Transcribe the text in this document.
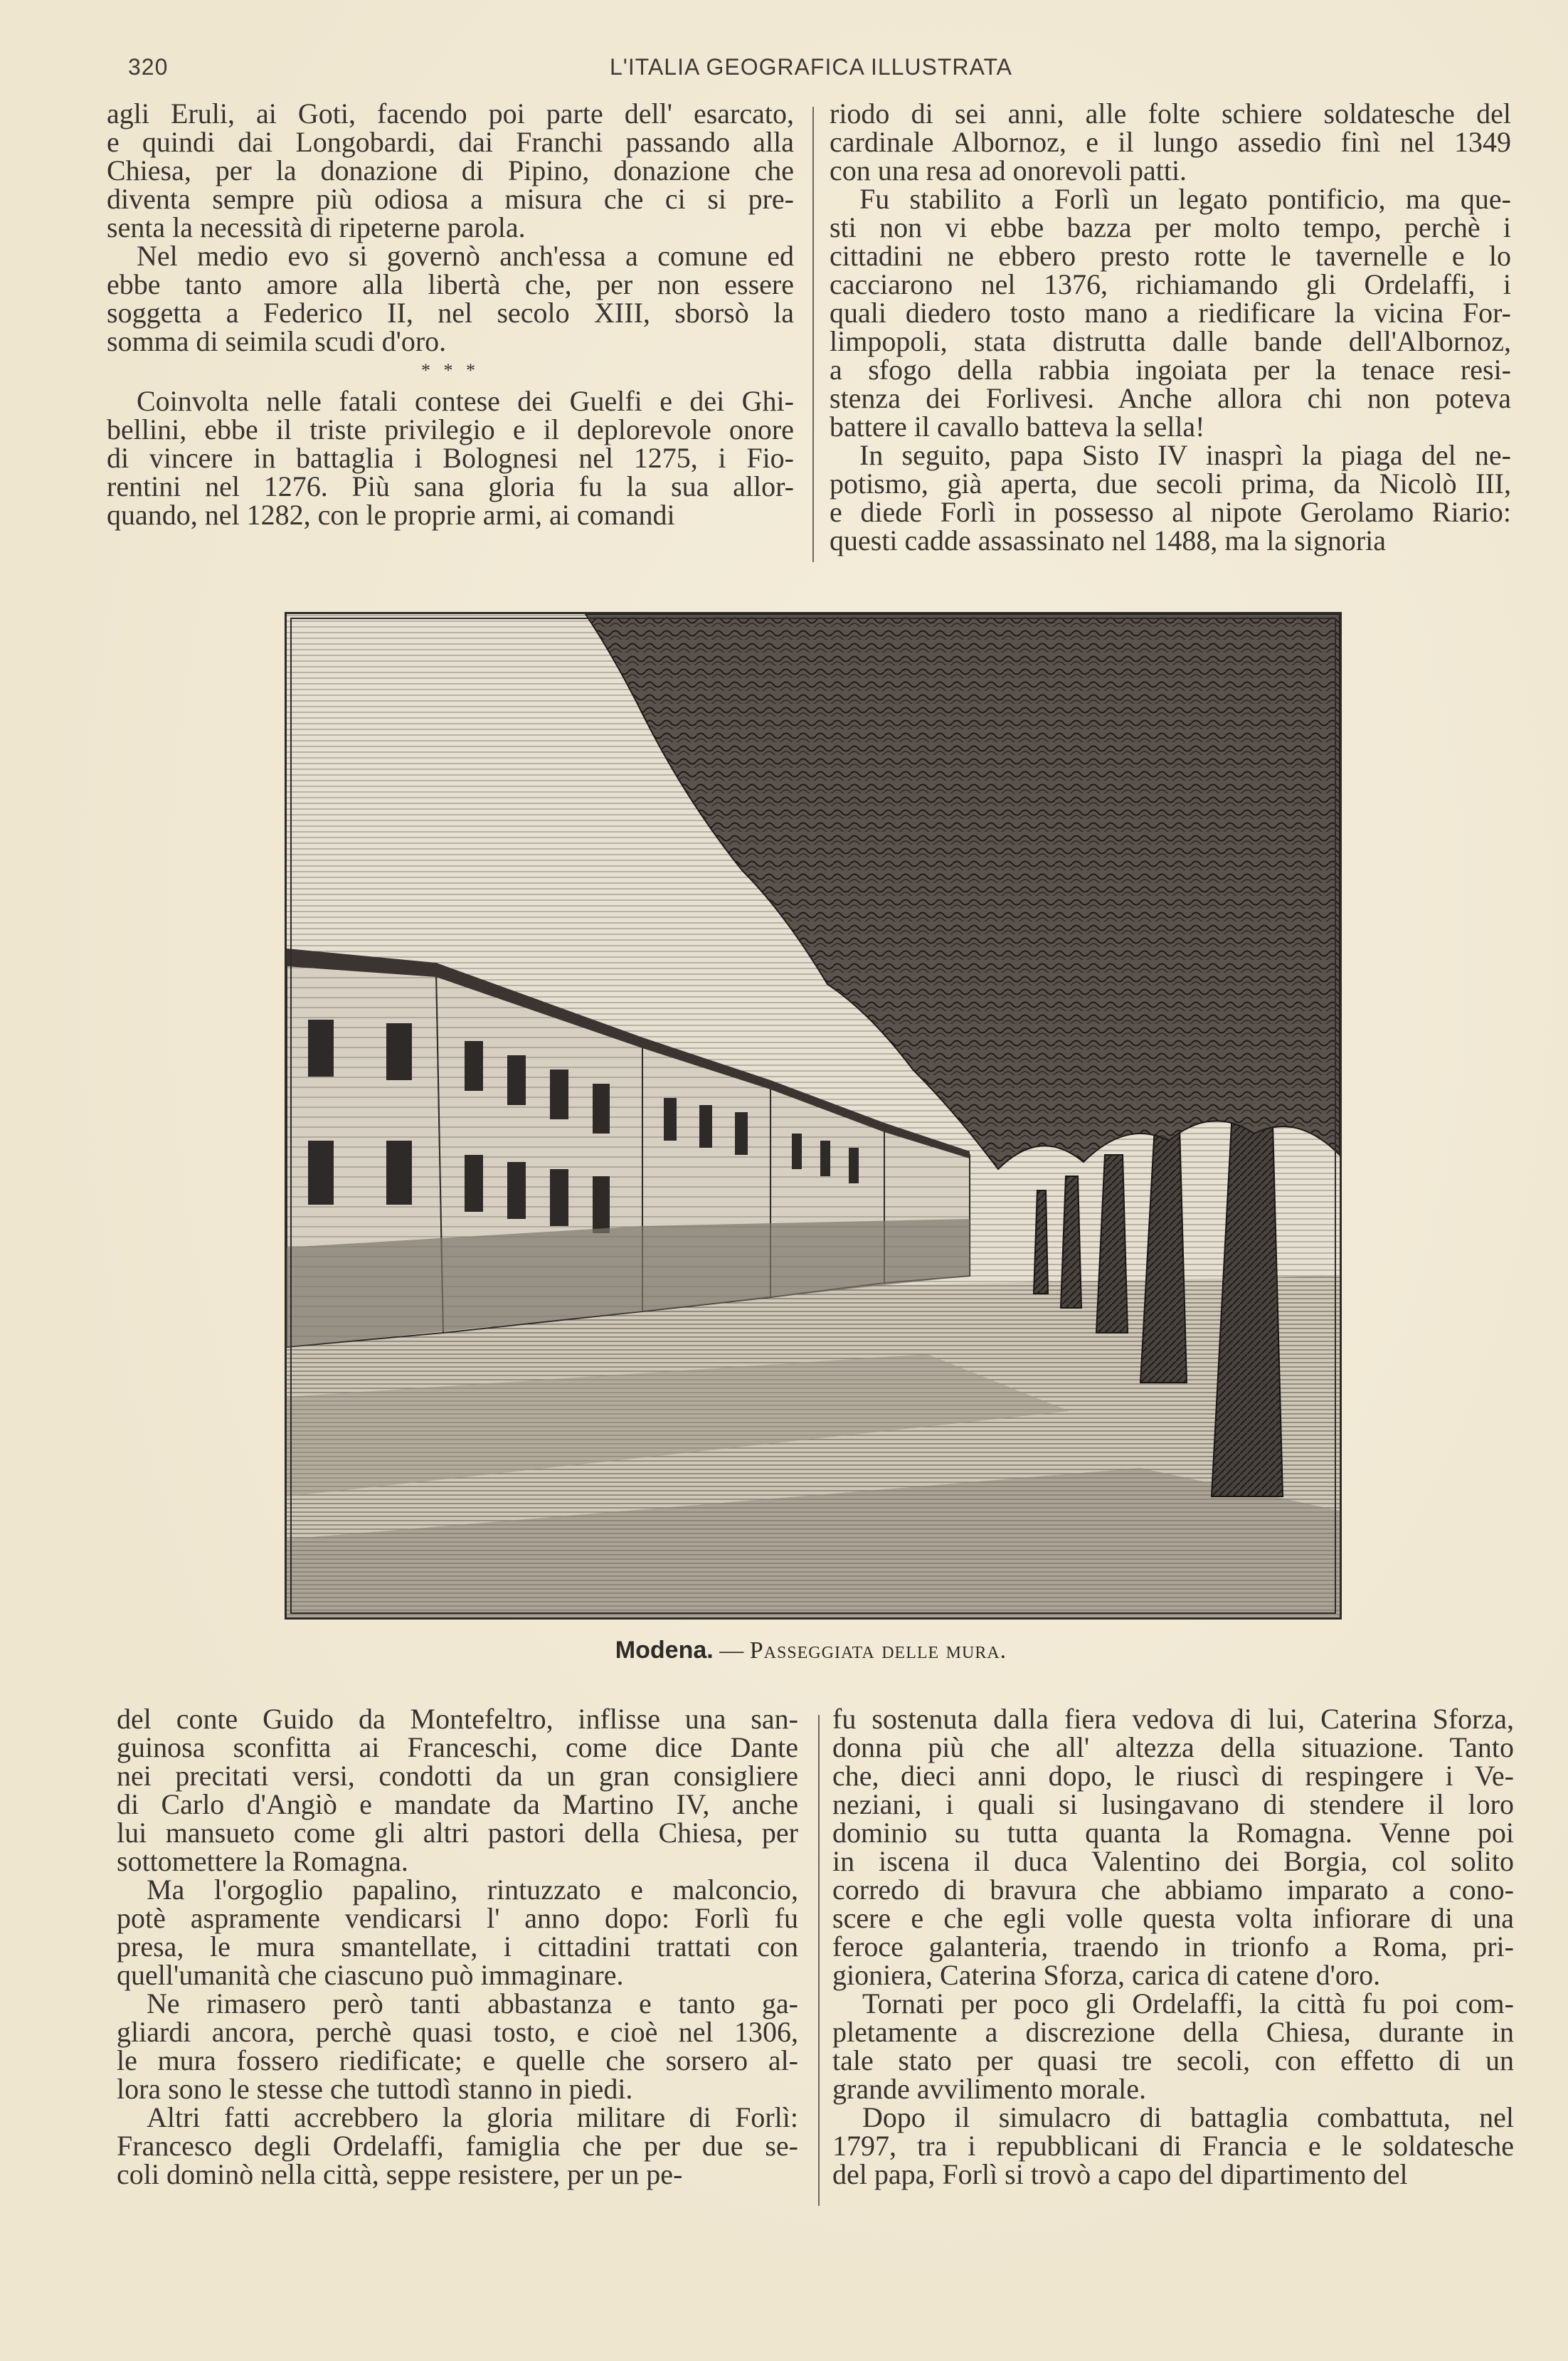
320	L'ITALIA GEOGRAFICA ILLUSTRATA

agli Eruli, ai Goti, facendo poi parte dell' esarcato,
e quindi dai Longobardi, dai Franchi passando alla
Chiesa, per la donazione di Pipino, donazione che
diventa sempre più odiosa a misura che ci si pre-
senta la necessità di ripeterne parola.

Nel medio evo si governò anch'essa a comune ed
ebbe tanto amore alla libertà che, per non essere
soggetta a Federico II, nel secolo XIII, sborsò la
somma di seimila scudi d'oro.

* * *

Coinvolta nelle fatali contese dei Guelfi e dei Ghi-
bellini, ebbe il triste privilegio e il deplorevole onore
di vincere in battaglia i Bolognesi nel 1275, i Fio-
rentini nel 1276. Più sana gloria fu la sua allor-
quando, nel 1282, con le proprie armi, ai comandi

riodo di sei anni, alle folte schiere soldatesche del
cardinale Albornoz, e il lungo assedio finì nel 1349
con una resa ad onorevoli patti.

Fu stabilito a Forlì un legato pontificio, ma que-
sti non vi ebbe bazza per molto tempo, perchè i
cittadini ne ebbero presto rotte le tavernelle e lo
cacciarono nel 1376, richiamando gli Ordelaffi, i
quali diedero tosto mano a riedificare la vicina For-
limpopoli, stata distrutta dalle bande dell'Albornoz,
a sfogo della rabbia ingoiata per la tenace resi-
stenza dei Forlivesi. Anche allora chi non poteva
battere il cavallo batteva la sella!

In seguito, papa Sisto IV inasprì la piaga del ne-
potismo, già aperta, due secoli prima, da Nicolò III,
e diede Forlì in possesso al nipote Gerolamo Riario:
questi cadde assassinato nel 1488, ma la signoria

Modena. — Passeggiata delle mura.

del conte Guido da Montefeltro, inflisse una san-
guinosa sconfitta ai Franceschi, come dice Dante
nei precitati versi, condotti da un gran consigliere
di Carlo d'Angiò e mandate da Martino IV, anche
lui mansueto come gli altri pastori della Chiesa, per
sottomettere la Romagna.

Ma l'orgoglio papalino, rintuzzato e malconcio,
potè aspramente vendicarsi l' anno dopo: Forlì fu
presa, le mura smantellate, i cittadini trattati con
quell'umanità che ciascuno può immaginare.

Ne rimasero però tanti abbastanza e tanto ga-
gliardi ancora, perchè quasi tosto, e cioè nel 1306,
le mura fossero riedificate; e quelle che sorsero al-
lora sono le stesse che tuttodì stanno in piedi.

Altri fatti accrebbero la gloria militare di Forlì:
Francesco degli Ordelaffi, famiglia che per due se-
coli dominò nella città, seppe resistere, per un pe-

fu sostenuta dalla fiera vedova di lui, Caterina Sforza,
donna più che all' altezza della situazione. Tanto
che, dieci anni dopo, le riuscì di respingere i Ve-
neziani, i quali si lusingavano di stendere il loro
dominio su tutta quanta la Romagna. Venne poi
in iscena il duca Valentino dei Borgia, col solito
corredo di bravura che abbiamo imparato a cono-
scere e che egli volle questa volta infiorare di una
feroce galanteria, traendo in trionfo a Roma, pri-
gioniera, Caterina Sforza, carica di catene d'oro.

Tornati per poco gli Ordelaffi, la città fu poi com-
pletamente a discrezione della Chiesa, durante in
tale stato per quasi tre secoli, con effetto di un
grande avvilimento morale.

Dopo il simulacro di battaglia combattuta, nel
1797, tra i repubblicani di Francia e le soldatesche
del papa, Forlì si trovò a capo del dipartimento del
